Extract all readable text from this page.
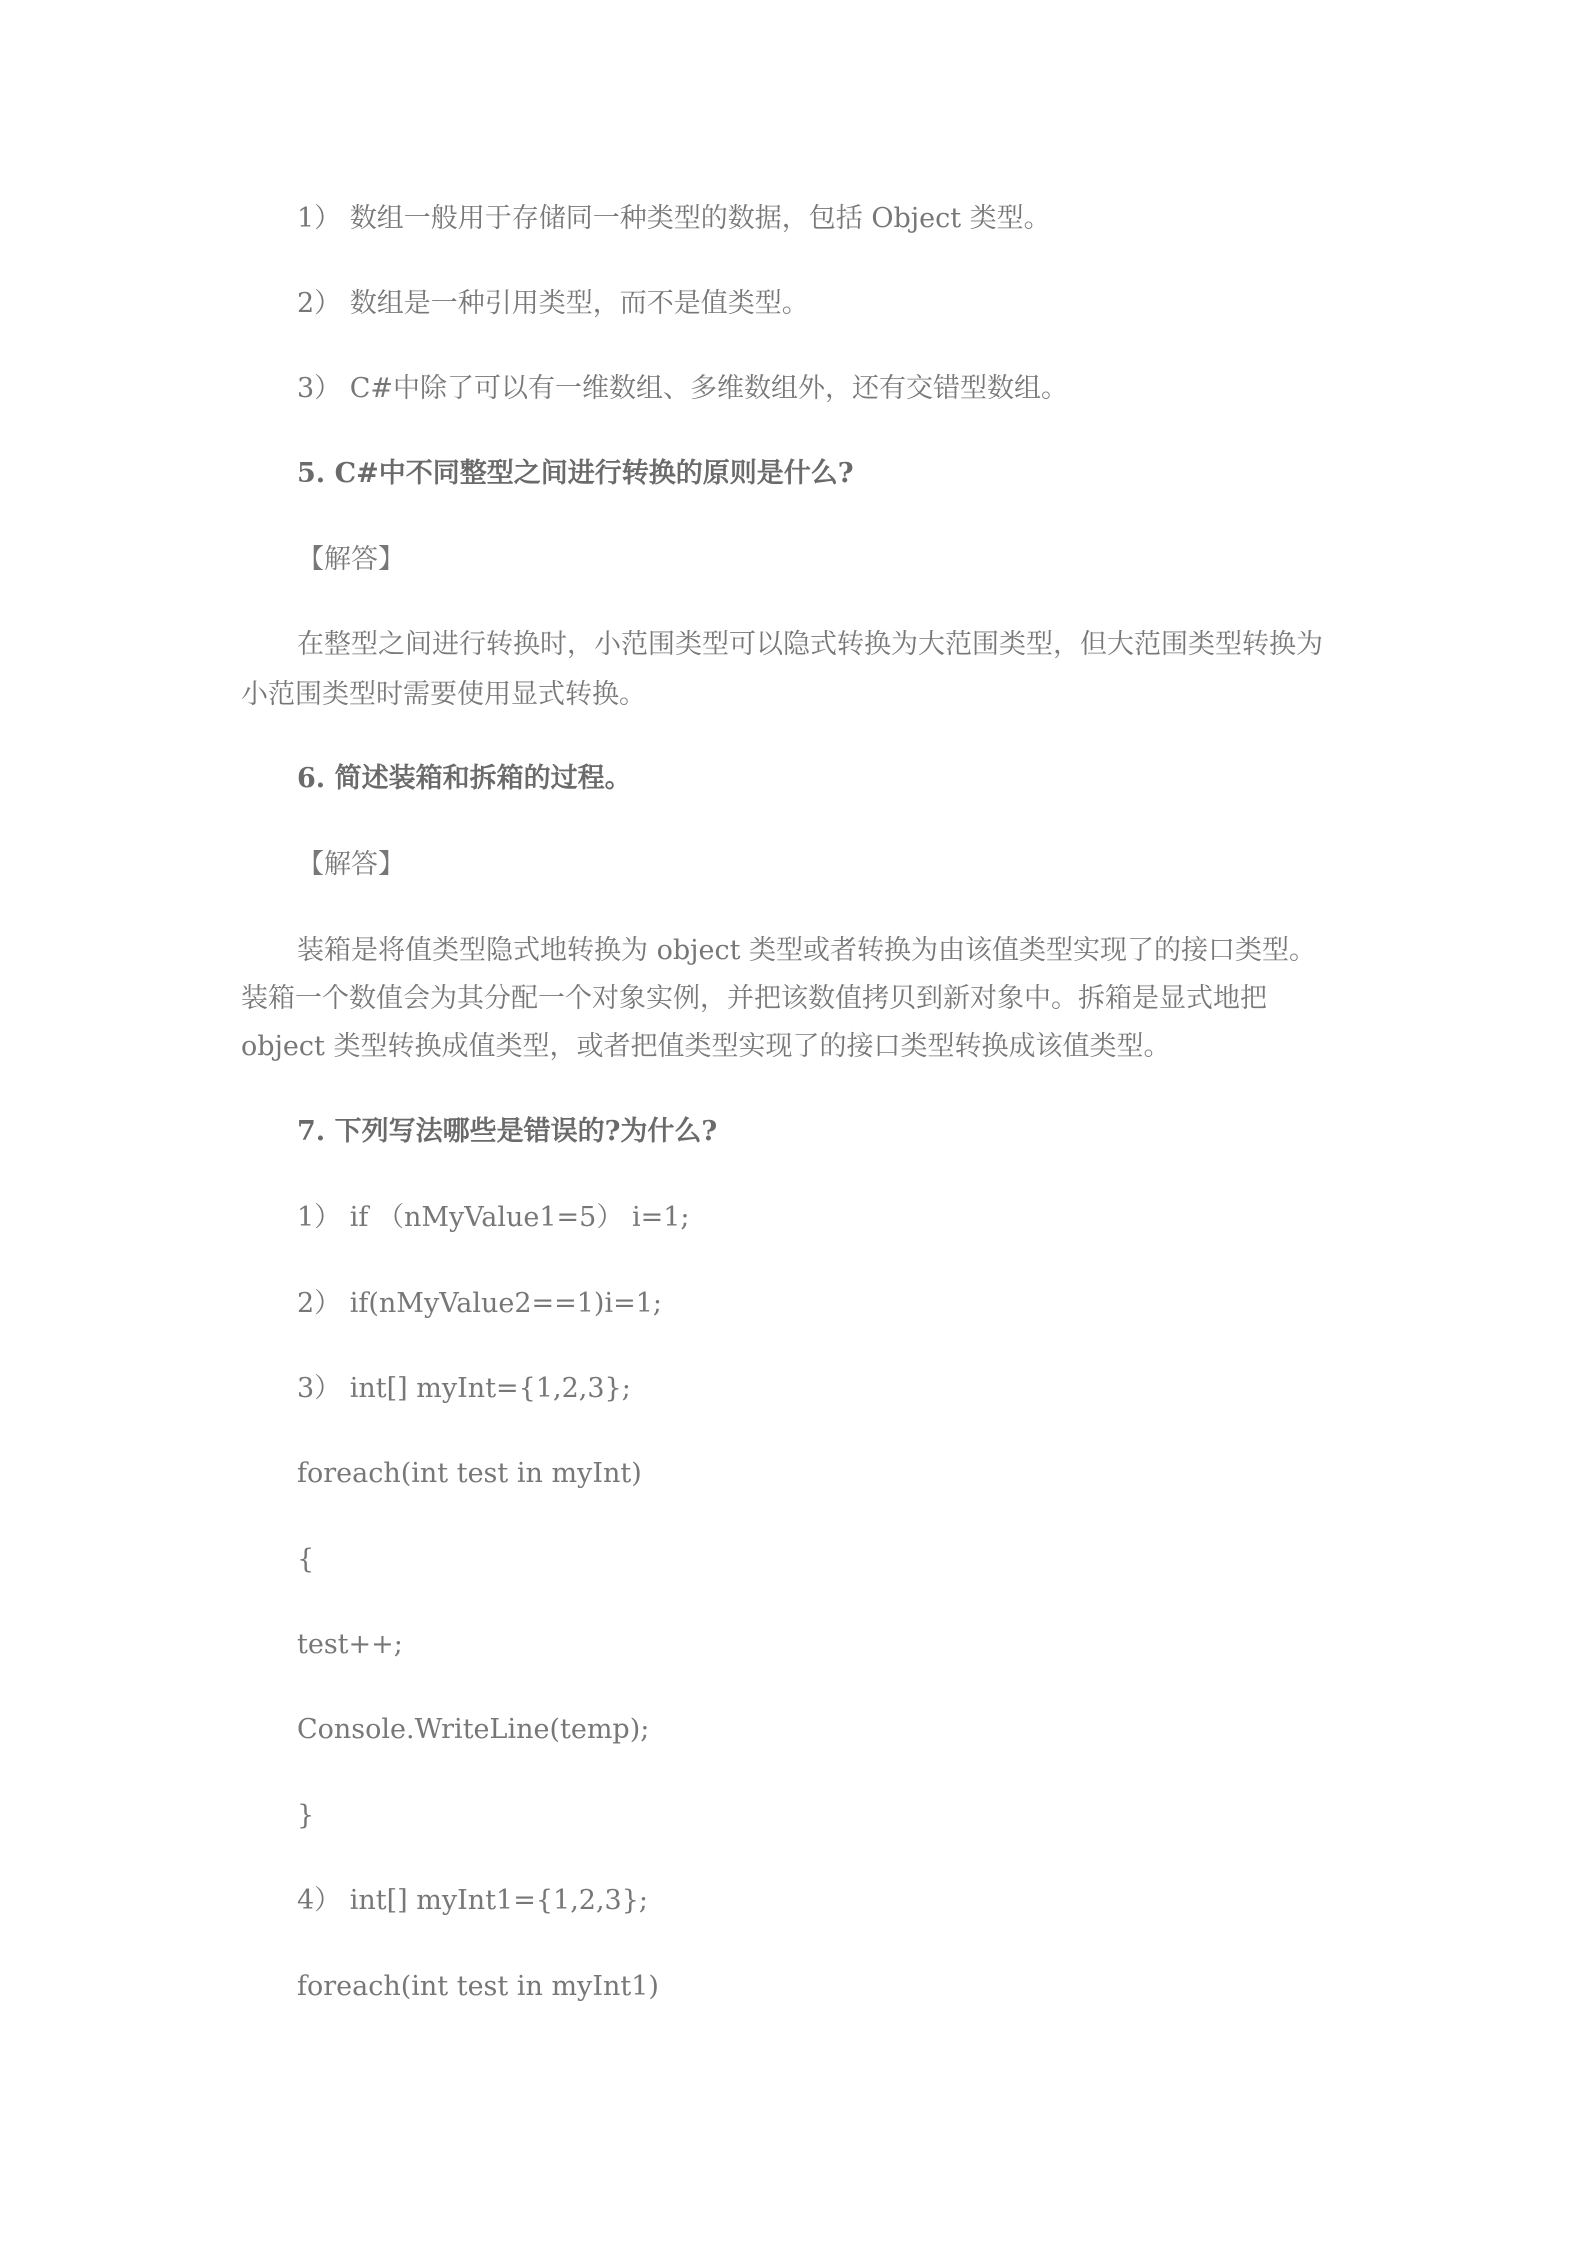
1） 数组一般用于存储同一种类型的数据，包括 Object 类型。

2） 数组是一种引用类型，而不是值类型。

3） C#中除了可以有一维数组、多维数组外，还有交错型数组。

5. C#中不同整型之间进行转换的原则是什么?

【解答】

在整型之间进行转换时，小范围类型可以隐式转换为大范围类型，但大范围类型转换为

小范围类型时需要使用显式转换。

6. 简述装箱和拆箱的过程。

【解答】

装箱是将值类型隐式地转换为 object 类型或者转换为由该值类型实现了的接口类型。

装箱一个数值会为其分配一个对象实例，并把该数值拷贝到新对象中。拆箱是显式地把

object 类型转换成值类型，或者把值类型实现了的接口类型转换成该值类型。

7. 下列写法哪些是错误的?为什么?

1） if （nMyValue1=5） i=1;

2） if(nMyValue2==1)i=1;

3） int[] myInt={1,2,3};

foreach(int test in myInt)

{

test++;

Console.WriteLine(temp);

}

4） int[] myInt1={1,2,3};

foreach(int test in myInt1)
